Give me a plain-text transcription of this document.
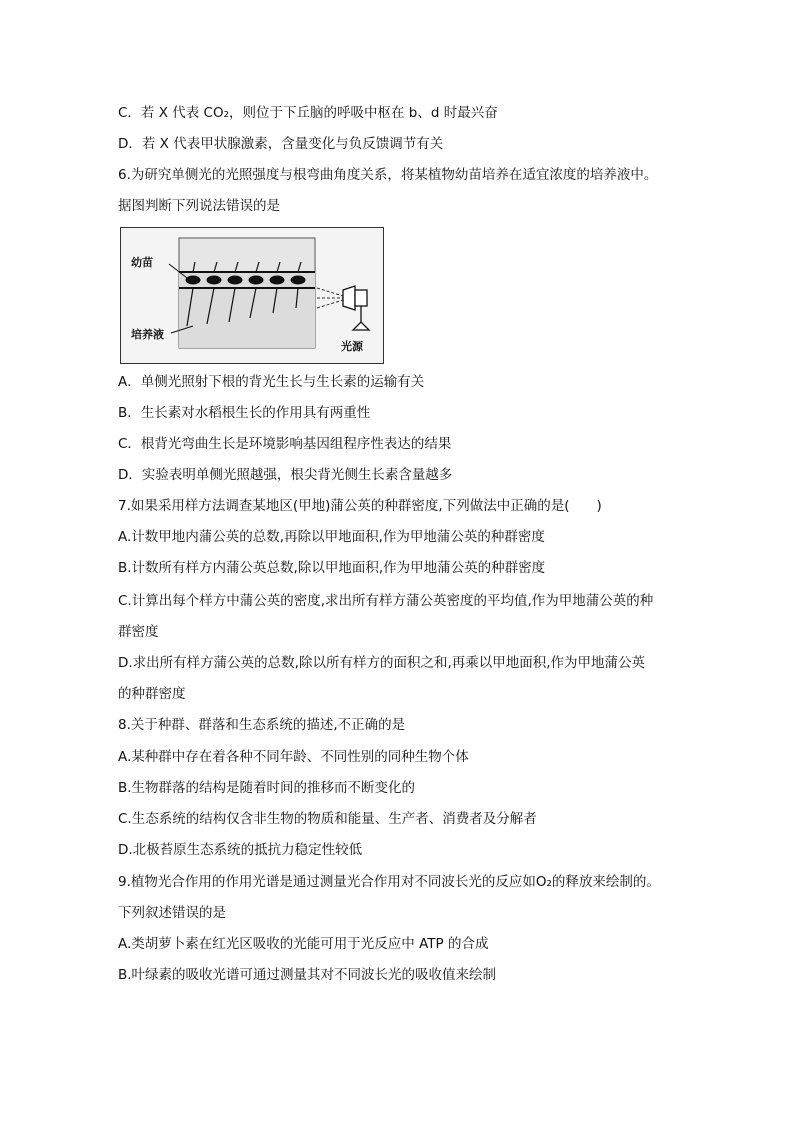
C．若 X 代表 CO₂，则位于下丘脑的呼吸中枢在 b、d 时最兴奋
D．若 X 代表甲状腺激素，含量变化与负反馈调节有关
6.为研究单侧光的光照强度与根弯曲角度关系，将某植物幼苗培养在适宜浓度的培养液中。
据图判断下列说法错误的是
幼苗
培养液
光源
A．单侧光照射下根的背光生长与生长素的运输有关
B．生长素对水稻根生长的作用具有两重性
C．根背光弯曲生长是环境影响基因组程序性表达的结果
D．实验表明单侧光照越强，根尖背光侧生长素含量越多
7.如果采用样方法调查某地区(甲地)蒲公英的种群密度,下列做法中正确的是(　　)
A.计数甲地内蒲公英的总数,再除以甲地面积,作为甲地蒲公英的种群密度
B.计数所有样方内蒲公英总数,除以甲地面积,作为甲地蒲公英的种群密度
C.计算出每个样方中蒲公英的密度,求出所有样方蒲公英密度的平均值,作为甲地蒲公英的种
群密度
D.求出所有样方蒲公英的总数,除以所有样方的面积之和,再乘以甲地面积,作为甲地蒲公英
的种群密度
8.关于种群、群落和生态系统的描述,不正确的是
A.某种群中存在着各种不同年龄、不同性别的同种生物个体
B.生物群落的结构是随着时间的推移而不断变化的
C.生态系统的结构仅含非生物的物质和能量、生产者、消费者及分解者
D.北极苔原生态系统的抵抗力稳定性较低
9.植物光合作用的作用光谱是通过测量光合作用对不同波长光的反应如O₂的释放来绘制的。
下列叙述错误的是
A.类胡萝卜素在红光区吸收的光能可用于光反应中 ATP 的合成
B.叶绿素的吸收光谱可通过测量其对不同波长光的吸收值来绘制
